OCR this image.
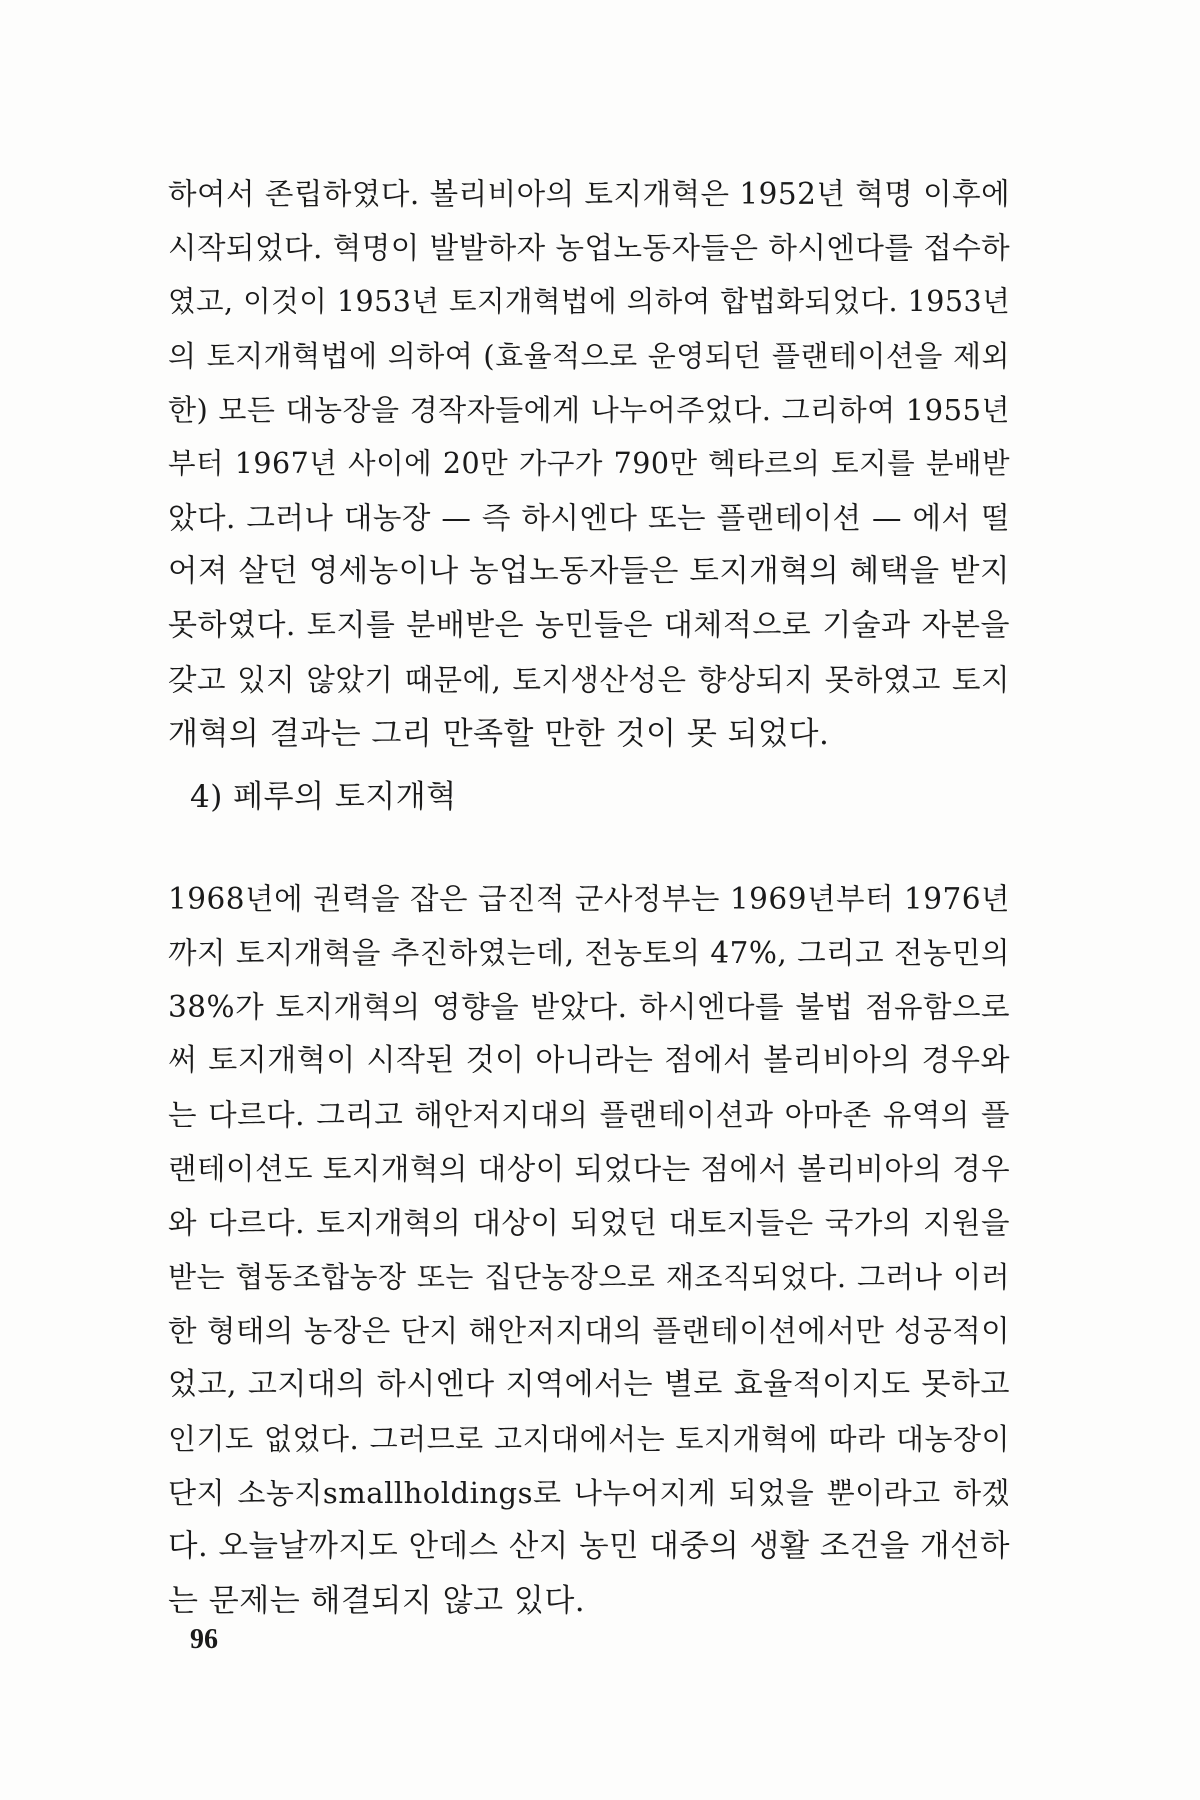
하여서 존립하였다. 볼리비아의 토지개혁은 1952년 혁명 이후에
시작되었다. 혁명이 발발하자 농업노동자들은 하시엔다를 접수하
였고, 이것이 1953년 토지개혁법에 의하여 합법화되었다. 1953년
의 토지개혁법에 의하여 (효율적으로 운영되던 플랜테이션을 제외
한) 모든 대농장을 경작자들에게 나누어주었다. 그리하여 1955년
부터 1967년 사이에 20만 가구가 790만 헥타르의 토지를 분배받
았다. 그러나 대농장 — 즉 하시엔다 또는 플랜테이션 — 에서 떨
어져 살던 영세농이나 농업노동자들은 토지개혁의 혜택을 받지
못하였다. 토지를 분배받은 농민들은 대체적으로 기술과 자본을
갖고 있지 않았기 때문에, 토지생산성은 향상되지 못하였고 토지
개혁의 결과는 그리 만족할 만한 것이 못 되었다.
4) 페루의 토지개혁
1968년에 권력을 잡은 급진적 군사정부는 1969년부터 1976년
까지 토지개혁을 추진하였는데, 전농토의 47%, 그리고 전농민의
38%가 토지개혁의 영향을 받았다. 하시엔다를 불법 점유함으로
써 토지개혁이 시작된 것이 아니라는 점에서 볼리비아의 경우와
는 다르다. 그리고 해안저지대의 플랜테이션과 아마존 유역의 플
랜테이션도 토지개혁의 대상이 되었다는 점에서 볼리비아의 경우
와 다르다. 토지개혁의 대상이 되었던 대토지들은 국가의 지원을
받는 협동조합농장 또는 집단농장으로 재조직되었다. 그러나 이러
한 형태의 농장은 단지 해안저지대의 플랜테이션에서만 성공적이
었고, 고지대의 하시엔다 지역에서는 별로 효율적이지도 못하고
인기도 없었다. 그러므로 고지대에서는 토지개혁에 따라 대농장이
단지 소농지smallholdings로 나누어지게 되었을 뿐이라고 하겠
다. 오늘날까지도 안데스 산지 농민 대중의 생활 조건을 개선하
는 문제는 해결되지 않고 있다.
96
